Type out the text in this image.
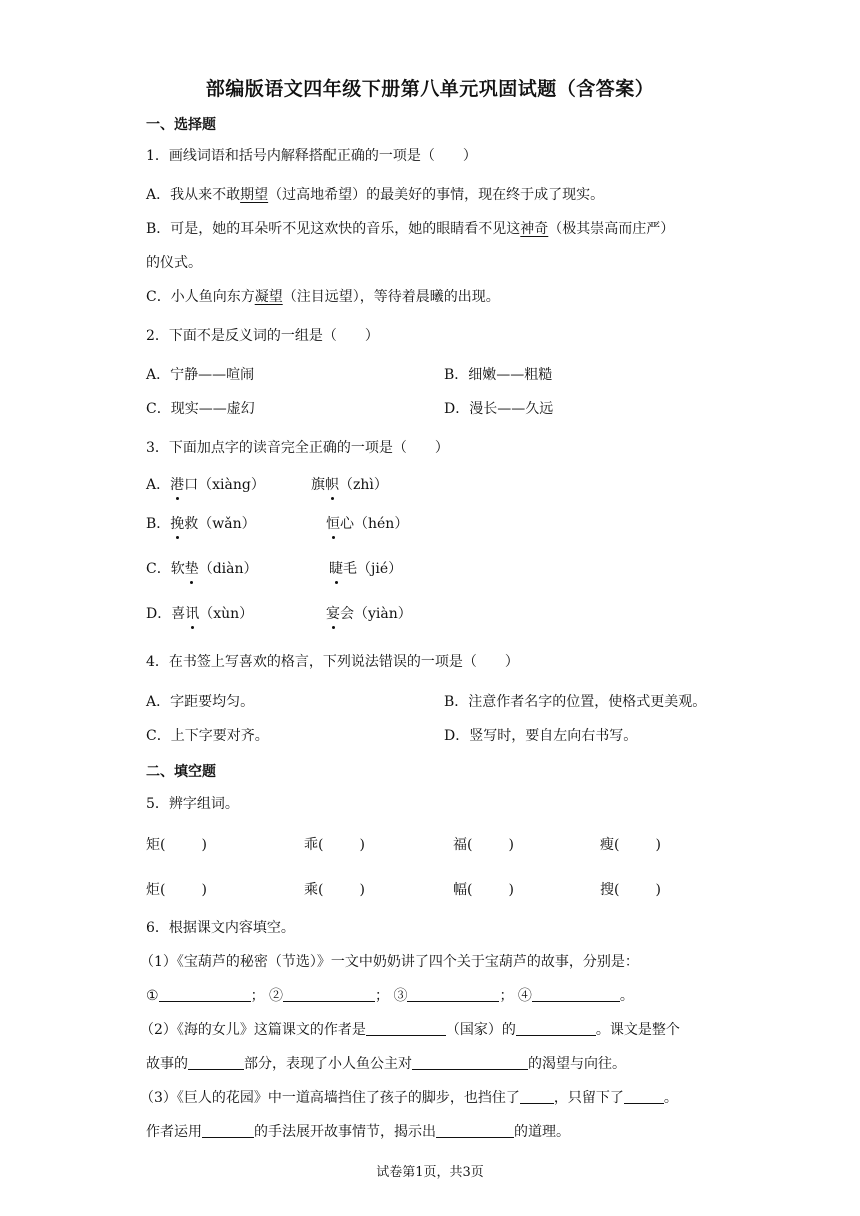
部编版语文四年级下册第八单元巩固试题（含答案）
一、选择题
1．画线词语和括号内解释搭配正确的一项是（　　）
A．我从来不敢期望（过高地希望）的最美好的事情，现在终于成了现实。
B．可是，她的耳朵听不见这欢快的音乐，她的眼睛看不见这神奇（极其崇高而庄严）
的仪式。
C．小人鱼向东方凝望（注目远望），等待着晨曦的出现。
2．下面不是反义词的一组是（　　）
A．宁静——喧闹	B．细嫩——粗糙
C．现实——虚幻	D．漫长——久远
3．下面加点字的读音完全正确的一项是（　　）
A．港口（xiàng）	旗帜（zhì）
B．挽救（wǎn）	恒心（hén）
C．软垫（diàn）	睫毛（jié）
D．喜讯（xùn）	宴会（yiàn）
4．在书签上写喜欢的格言，下列说法错误的一项是（　　）
A．字距要均匀。	B．注意作者名字的位置，使格式更美观。
C．上下字要对齐。	D．竖写时，要自左向右书写。
二、填空题
5．辨字组词。
矩(	)	乖(	)	福(	)	瘦(	)
炬(	)	乘(	)	幅(	)	搜(	)
6．根据课文内容填空。
（1）《宝葫芦的秘密（节选）》一文中奶奶讲了四个关于宝葫芦的故事，分别是：
①	； ②	； ③	； ④	。
（2）《海的女儿》这篇课文的作者是	（国家）的	。课文是整个
故事的	部分，表现了小人鱼公主对	的渴望与向往。
（3）《巨人的花园》中一道高墙挡住了孩子的脚步，也挡住了 ，只留下了	。
作者运用	的手法展开故事情节，揭示出	的道理。
试卷第1页，共3页
